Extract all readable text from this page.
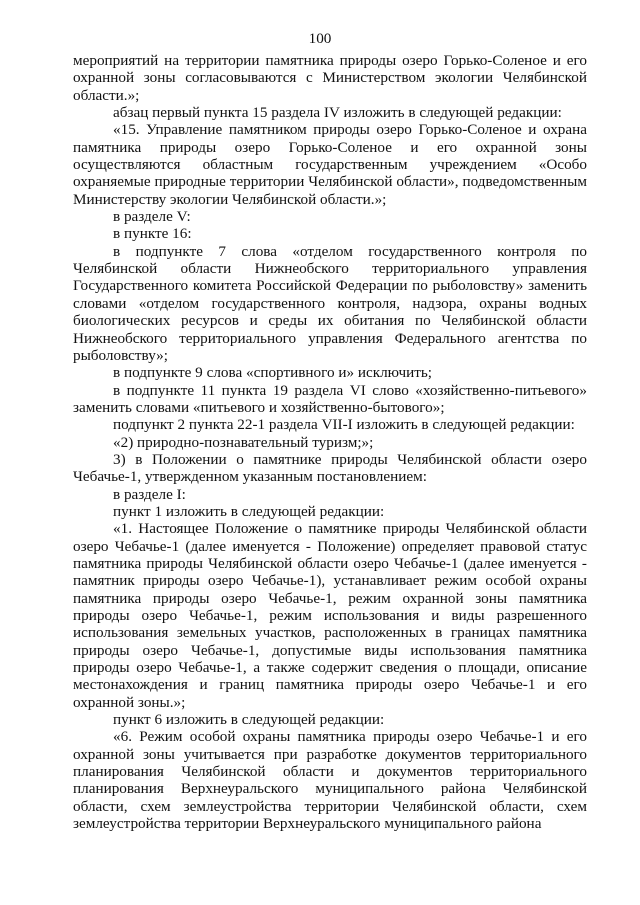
100

мероприятий на территории памятника природы озеро Горько-Соленое и его охранной зоны согласовываются с Министерством экологии Челябинской области.»;

абзац первый пункта 15 раздела IV изложить в следующей редакции:

«15. Управление памятником природы озеро Горько-Соленое и охрана памятника природы озеро Горько-Соленое и его охранной зоны осуществляются областным государственным учреждением «Особо охраняемые природные территории Челябинской области», подведомственным Министерству экологии Челябинской области.»;

в разделе V:

в пункте 16:

в подпункте 7 слова «отделом государственного контроля по Челябинской области Нижнеобского территориального управления Государственного комитета Российской Федерации по рыболовству» заменить словами «отделом государственного контроля, надзора, охраны водных биологических ресурсов и среды их обитания по Челябинской области Нижнеобского территориального управления Федерального агентства по рыболовству»;

в подпункте 9 слова «спортивного и» исключить;

в подпункте 11 пункта 19 раздела VI слово «хозяйственно-питьевого» заменить словами «питьевого и хозяйственно-бытового»;

подпункт 2 пункта 22-1 раздела VII-I изложить в следующей редакции:

«2) природно-познавательный туризм;»;

3) в Положении о памятнике природы Челябинской области озеро Чебачье-1, утвержденном указанным постановлением:

в разделе I:

пункт 1 изложить в следующей редакции:

«1. Настоящее Положение о памятнике природы Челябинской области озеро Чебачье-1 (далее именуется - Положение) определяет правовой статус памятника природы Челябинской области озеро Чебачье-1 (далее именуется - памятник природы озеро Чебачье-1), устанавливает режим особой охраны памятника природы озеро Чебачье-1, режим охранной зоны памятника природы озеро Чебачье-1, режим использования и виды разрешенного использования земельных участков, расположенных в границах памятника природы озеро Чебачье-1, допустимые виды использования памятника природы озеро Чебачье-1, а также содержит сведения о площади, описание местонахождения и границ памятника природы озеро Чебачье-1 и его охранной зоны.»;

пункт 6 изложить в следующей редакции:

«6. Режим особой охраны памятника природы озеро Чебачье-1 и его охранной зоны учитывается при разработке документов территориального планирования Челябинской области и документов территориального планирования Верхнеуральского муниципального района Челябинской области, схем землеустройства территории Челябинской области, схем землеустройства территории Верхнеуральского муниципального района
